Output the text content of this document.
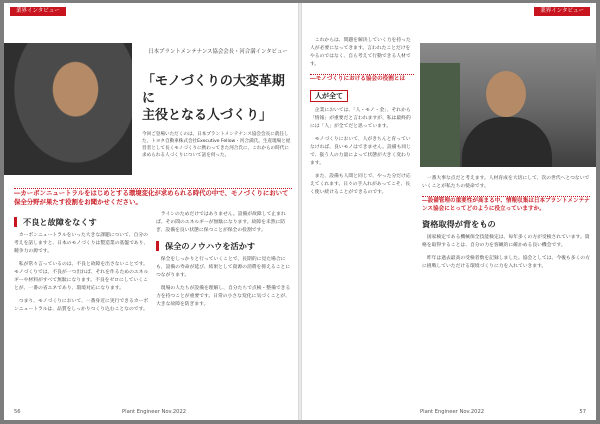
業界インタビュー
日本プラントメンテナンス協会会長・河合満インタビュー
「モノづくりの大変革期に
主役となる人づくり」
今回ご登場いただくのは、日本プラントメンテナンス協会会長に就任した、トヨタ自動車株式会社Executive Fellow・河合満氏。生産現場と経営者として長くモノづくりに携わってきた河合氏に、これからの時代に求められる人づくりについて話を伺った。
―カーボンニュートラルをはじめとする環境変化が求められる時代の中で、モノづくりにおいて保全分野が果たす役割をお聞かせください。
不良と故障をなくす

カーボンニュートラルをいった大きな課題について、自分の考えを話しますと、日本のモノづくりは製造業の基盤であり、競争力の源です。

私が常々言っているのは、不良と故障を出さないことです。モノづくりでは、不良が一つ出れば、それを作るためのエネルギーや材料がすべて無駄になります。不良をゼロにしていくことが、一番の省エネであり、環境対応になります。

つまり、モノづくりにおいて、一番身近に実行できるカーボンニュートラルは、品質をしっかりつくり込むことなのです。

ラインのためだけではありません。設備が故障して止まれば、その間のエネルギーが無駄になります。故障を未然に防ぎ、設備を良い状態に保つことが保全の役割です。

保全のノウハウを活かす

保全をしっかりと行っていくことで、長期的に見た場合にも、設備の寿命が延び、結果として資源の消費を抑えることにつながります。

現場の人たちが設備を理解し、自分たちで点検・整備できる力を持つことが重要です。日常の小さな変化に気づくことが、大きな故障を防ぎます。

56	Plant Engineer Nov.2022
業界インタビュー

これからは、問題を解決していく力を持った人が必要になってきます。言われたことだけをやるのではなく、自ら考えて行動できる人材です。

―モノづくりにおける協会の役割とは
人が全て

企業においては、「人・モノ・金」、それから「情報」が重要だと言われますが、私は最終的には「人」が全てだと思っています。

モノづくりにおいて、人がきちんと育っていなければ、良いモノはできません。設備も同じで、扱う人の力量によって状態が大きく変わります。

また、設備も人間と同じで、やった分だけ応えてくれます。日々の手入れがあってこそ、長く使い続けることができるのです。

一番大事な点だと考えます。人材育成を大切にして、次の世代へとつないでいくことが私たちの使命です。

―設備管理の重要性が高まる中、情報収集は日本プラントメンテナンス協会にとってどのように役立っていますか。
資格取得が背をもの

国家検定である機械保全技能検定は、毎年多くの方が受検されています。資格を取得することは、自分の力を客観的に確かめる良い機会です。

昨年は過去最高の受検者数を記録しました。協会としては、今後も多くの方に挑戦していただける環境づくりに力を入れていきます。

Plant Engineer Nov.2022	57
